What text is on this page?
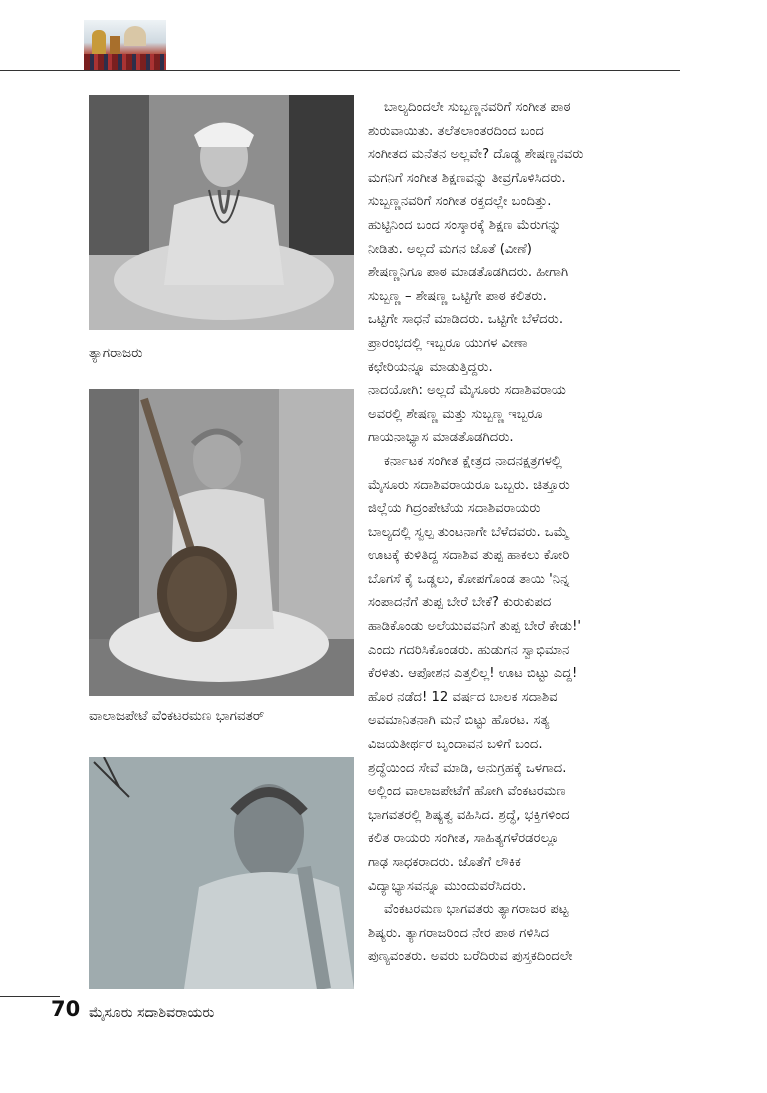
ತ್ಯಾಗರಾಜರು
ವಾಲಾಜಪೇಟೆ ವೆಂಕಟರಮಣ ಭಾಗವತರ್
ಬಾಲ್ಯದಿಂದಲೇ ಸುಬ್ಬಣ್ಣನವರಿಗೆ ಸಂಗೀತ ಪಾಠ
ಶುರುವಾಯಿತು. ತಲೆತಲಾಂತರದಿಂದ ಬಂದ
ಸಂಗೀತದ ಮನೆತನ ಅಲ್ಲವೇ? ದೊಡ್ಡ ಶೇಷಣ್ಣನವರು
ಮಗನಿಗೆ ಸಂಗೀತ ಶಿಕ್ಷಣವನ್ನು ತೀವ್ರಗೊಳಿಸಿದರು.
ಸುಬ್ಬಣ್ಣನವರಿಗೆ ಸಂಗೀತ ರಕ್ತದಲ್ಲೇ ಬಂದಿತ್ತು.
ಹುಟ್ಟಿನಿಂದ ಬಂದ ಸಂಸ್ಕಾರಕ್ಕೆ ಶಿಕ್ಷಣ ಮೆರುಗನ್ನು
ನೀಡಿತು. ಅಲ್ಲದೆ ಮಗನ ಜೊತೆ (ವೀಣೆ)
ಶೇಷಣ್ಣನಿಗೂ ಪಾಠ ಮಾಡತೊಡಗಿದರು. ಹೀಗಾಗಿ
ಸುಬ್ಬಣ್ಣ – ಶೇಷಣ್ಣ ಒಟ್ಟಿಗೇ ಪಾಠ ಕಲಿತರು.
ಒಟ್ಟಿಗೇ ಸಾಧನೆ ಮಾಡಿದರು. ಒಟ್ಟಿಗೇ ಬೆಳೆದರು.
ಪ್ರಾರಂಭದಲ್ಲಿ ಇಬ್ಬರೂ ಯುಗಳ ವೀಣಾ
ಕಛೇರಿಯನ್ನೂ ಮಾಡುತ್ತಿದ್ದರು.
ನಾದಯೋಗಿ: ಅಲ್ಲದೆ ಮೈಸೂರು ಸದಾಶಿವರಾಯ
ಅವರಲ್ಲಿ ಶೇಷಣ್ಣ ಮತ್ತು ಸುಬ್ಬಣ್ಣ ಇಬ್ಬರೂ
ಗಾಯನಾಭ್ಯಾಸ ಮಾಡತೊಡಗಿದರು.
ಕರ್ನಾಟಕ ಸಂಗೀತ ಕ್ಷೇತ್ರದ ನಾದನಕ್ಷತ್ರಗಳಲ್ಲಿ
ಮೈಸೂರು ಸದಾಶಿವರಾಯರೂ ಒಬ್ಬರು. ಚಿತ್ತೂರು
ಜಿಲ್ಲೆಯ ಗಿದ್ರಂಪೇಟೆಯ ಸದಾಶಿವರಾಯರು
ಬಾಲ್ಯದಲ್ಲಿ ಸ್ವಲ್ಪ ತುಂಟನಾಗೇ ಬೆಳೆದವರು. ಒಮ್ಮೆ
ಊಟಕ್ಕೆ ಕುಳಿತಿದ್ದ ಸದಾಶಿವ ತುಪ್ಪ ಹಾಕಲು ಕೋರಿ
ಬೊಗಸೆ ಕೈ ಒಡ್ಡಲು, ಕೋಪಗೊಂಡ ತಾಯಿ 'ನಿನ್ನ
ಸಂಪಾದನೆಗೆ ತುಪ್ಪ ಬೇರೆ ಬೇಕೆ? ಕುರುಕುಪದ
ಹಾಡಿಕೊಂಡು ಅಲೆಯುವವನಿಗೆ ತುಪ್ಪ ಬೇರೆ ಕೇಡು!'
ಎಂದು ಗದರಿಸಿಕೊಂಡರು. ಹುಡುಗನ ಸ್ವಾಭಿಮಾನ
ಕೆರಳಿತು. ಆಪೋಶನ ಎತ್ತಲಿಲ್ಲ! ಊಟ ಬಿಟ್ಟು ಎದ್ದ!
ಹೊರ ನಡೆದ! 12 ವರ್ಷದ ಬಾಲಕ ಸದಾಶಿವ
ಅವಮಾನಿತನಾಗಿ ಮನೆ ಬಿಟ್ಟು ಹೊರಟ. ಸತ್ಯ
ವಿಜಯತೀರ್ಥರ ಬೃಂದಾವನ ಬಳಿಗೆ ಬಂದ.
ಶ್ರದ್ಧೆಯಿಂದ ಸೇವೆ ಮಾಡಿ, ಅನುಗ್ರಹಕ್ಕೆ ಒಳಗಾದ.
ಅಲ್ಲಿಂದ ವಾಲಾಜಪೇಟೆಗೆ ಹೋಗಿ ವೆಂಕಟರಮಣ
ಭಾಗವತರಲ್ಲಿ ಶಿಷ್ಯತ್ವ ವಹಿಸಿದ. ಶ್ರದ್ಧೆ, ಭಕ್ತಿಗಳಿಂದ
ಕಲಿತ ರಾಯರು ಸಂಗೀತ, ಸಾಹಿತ್ಯಗಳೆರಡರಲ್ಲೂ
ಗಾಢ ಸಾಧಕರಾದರು. ಜೊತೆಗೆ ಲೌಕಿಕ
ವಿದ್ಯಾಭ್ಯಾಸವನ್ನೂ ಮುಂದುವರೆಸಿದರು.
ವೆಂಕಟರಮಣ ಭಾಗವತರು ತ್ಯಾಗರಾಜರ ಪಟ್ಟ
ಶಿಷ್ಯರು. ತ್ಯಾಗರಾಜರಿಂದ ನೇರ ಪಾಠ ಗಳಿಸಿದ
ಪುಣ್ಯವಂತರು. ಅವರು ಬರೆದಿರುವ ಪುಸ್ತಕದಿಂದಲೇ
70 ಮೈಸೂರು ಸದಾಶಿವರಾಯರು
